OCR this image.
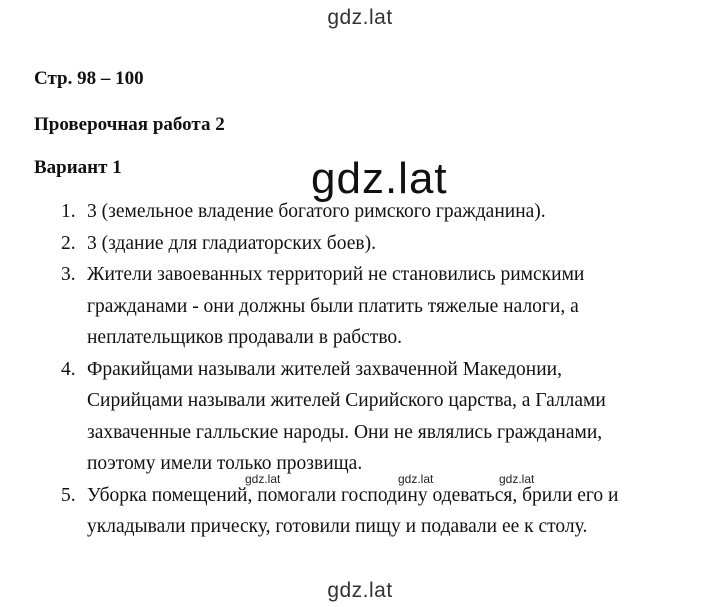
gdz.lat
Стр. 98 – 100
Проверочная работа 2
Вариант 1
1. 3 (земельное владение богатого римского гражданина).
2. 3 (здание для гладиаторских боев).
3. Жители завоеванных территорий не становились римскими
гражданами - они должны были платить тяжелые налоги, а
неплательщиков продавали в рабство.
4. Фракийцами называли жителей захваченной Македонии,
Сирийцами называли жителей Сирийского царства, а Галлами
захваченные галльские народы. Они не являлись гражданами,
поэтому имели только прозвища.
5. Уборка помещений, помогали господину одеваться, брили его и
укладывали прическу, готовили пищу и подавали ее к столу.
gdz.lat
gdz.lat
gdz.lat	gdz.lat
gdz.lat
